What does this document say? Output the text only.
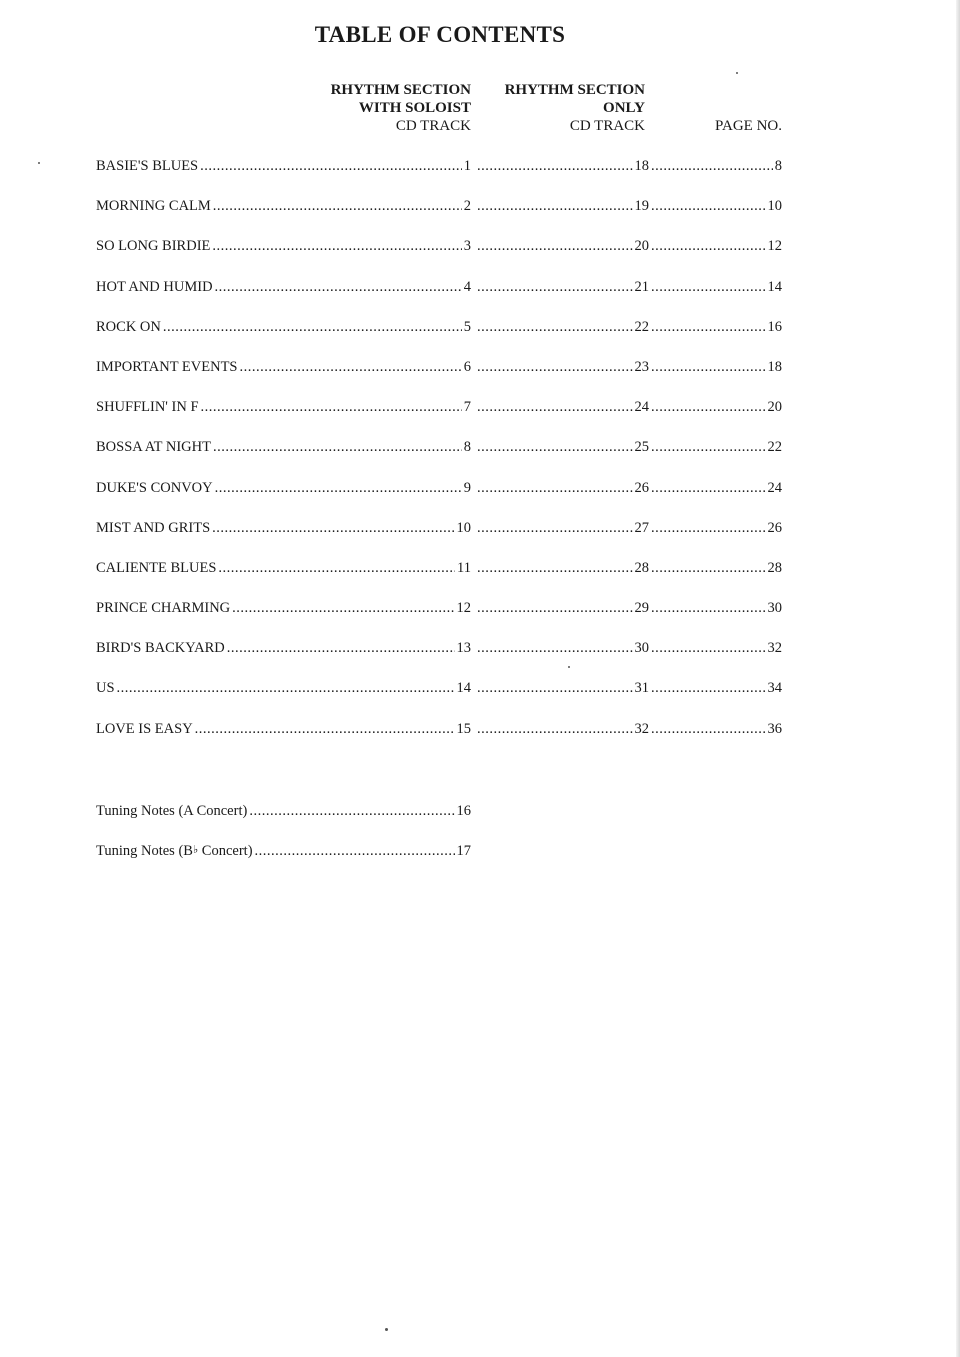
TABLE OF CONTENTS
RHYTHM SECTION
WITH SOLOIST
CD TRACK
RHYTHM SECTION
ONLY
CD TRACK	PAGE NO.
BASIE'S BLUES .....	1 .....	18 .....	8
MORNING CALM .....	2 .....	19 .....	10
SO LONG BIRDIE .....	3 .....	20 .....	12
HOT AND HUMID .....	4 .....	21 .....	14
ROCK ON .....	5 .....	22 .....	16
IMPORTANT EVENTS .....	6 .....	23 .....	18
SHUFFLIN' IN F .....	7 .....	24 .....	20
BOSSA AT NIGHT .....	8 .....	25 .....	22
DUKE'S CONVOY .....	9 .....	26 .....	24
MIST AND GRITS .....	10 .....	27 .....	26
CALIENTE BLUES .....	11 .....	28 .....	28
PRINCE CHARMING .....	12 .....	29 .....	30
BIRD'S BACKYARD .....	13 .....	30 .....	32
US .....	14 .....	31 .....	34
LOVE IS EASY .....	15 .....	32 .....	36
Tuning Notes (A Concert) .....	16
Tuning Notes (B♭ Concert) .....	17
